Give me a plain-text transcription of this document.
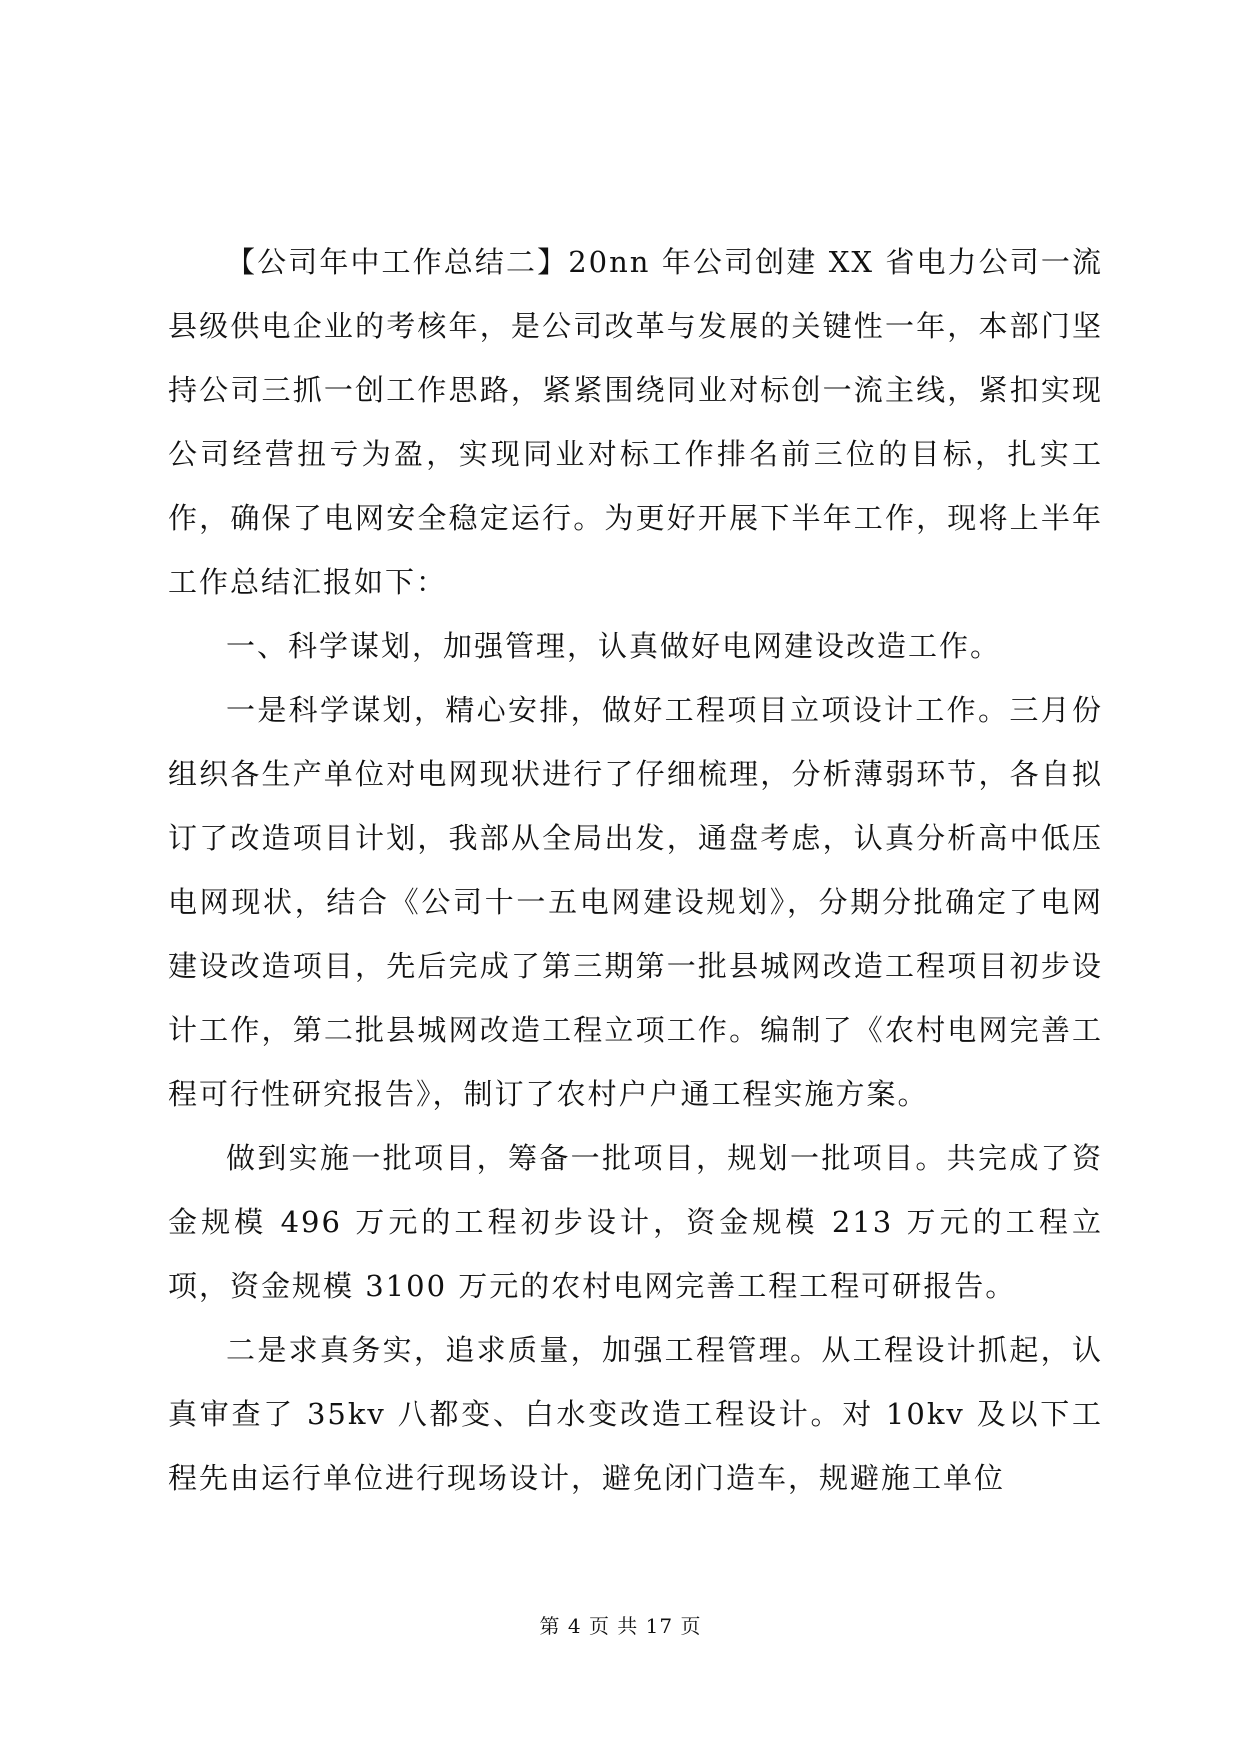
【公司年中工作总结二】20nn 年公司创建 XX 省电力公司一流县级供电企业的考核年，是公司改革与发展的关键性一年，本部门坚持公司三抓一创工作思路，紧紧围绕同业对标创一流主线，紧扣实现公司经营扭亏为盈，实现同业对标工作排名前三位的目标，扎实工作，确保了电网安全稳定运行。为更好开展下半年工作，现将上半年工作总结汇报如下：

一、科学谋划，加强管理，认真做好电网建设改造工作。

一是科学谋划，精心安排，做好工程项目立项设计工作。三月份组织各生产单位对电网现状进行了仔细梳理，分析薄弱环节，各自拟订了改造项目计划，我部从全局出发，通盘考虑，认真分析高中低压电网现状，结合《公司十一五电网建设规划》，分期分批确定了电网建设改造项目，先后完成了第三期第一批县城网改造工程项目初步设计工作，第二批县城网改造工程立项工作。编制了《农村电网完善工程可行性研究报告》，制订了农村户户通工程实施方案。

做到实施一批项目，筹备一批项目，规划一批项目。共完成了资金规模 496 万元的工程初步设计，资金规模 213 万元的工程立项，资金规模 3100 万元的农村电网完善工程工程可研报告。

二是求真务实，追求质量，加强工程管理。从工程设计抓起，认真审查了 35kv 八都变、白水变改造工程设计。对 10kv 及以下工程先由运行单位进行现场设计，避免闭门造车，规避施工单位

第 4 页 共 17 页
